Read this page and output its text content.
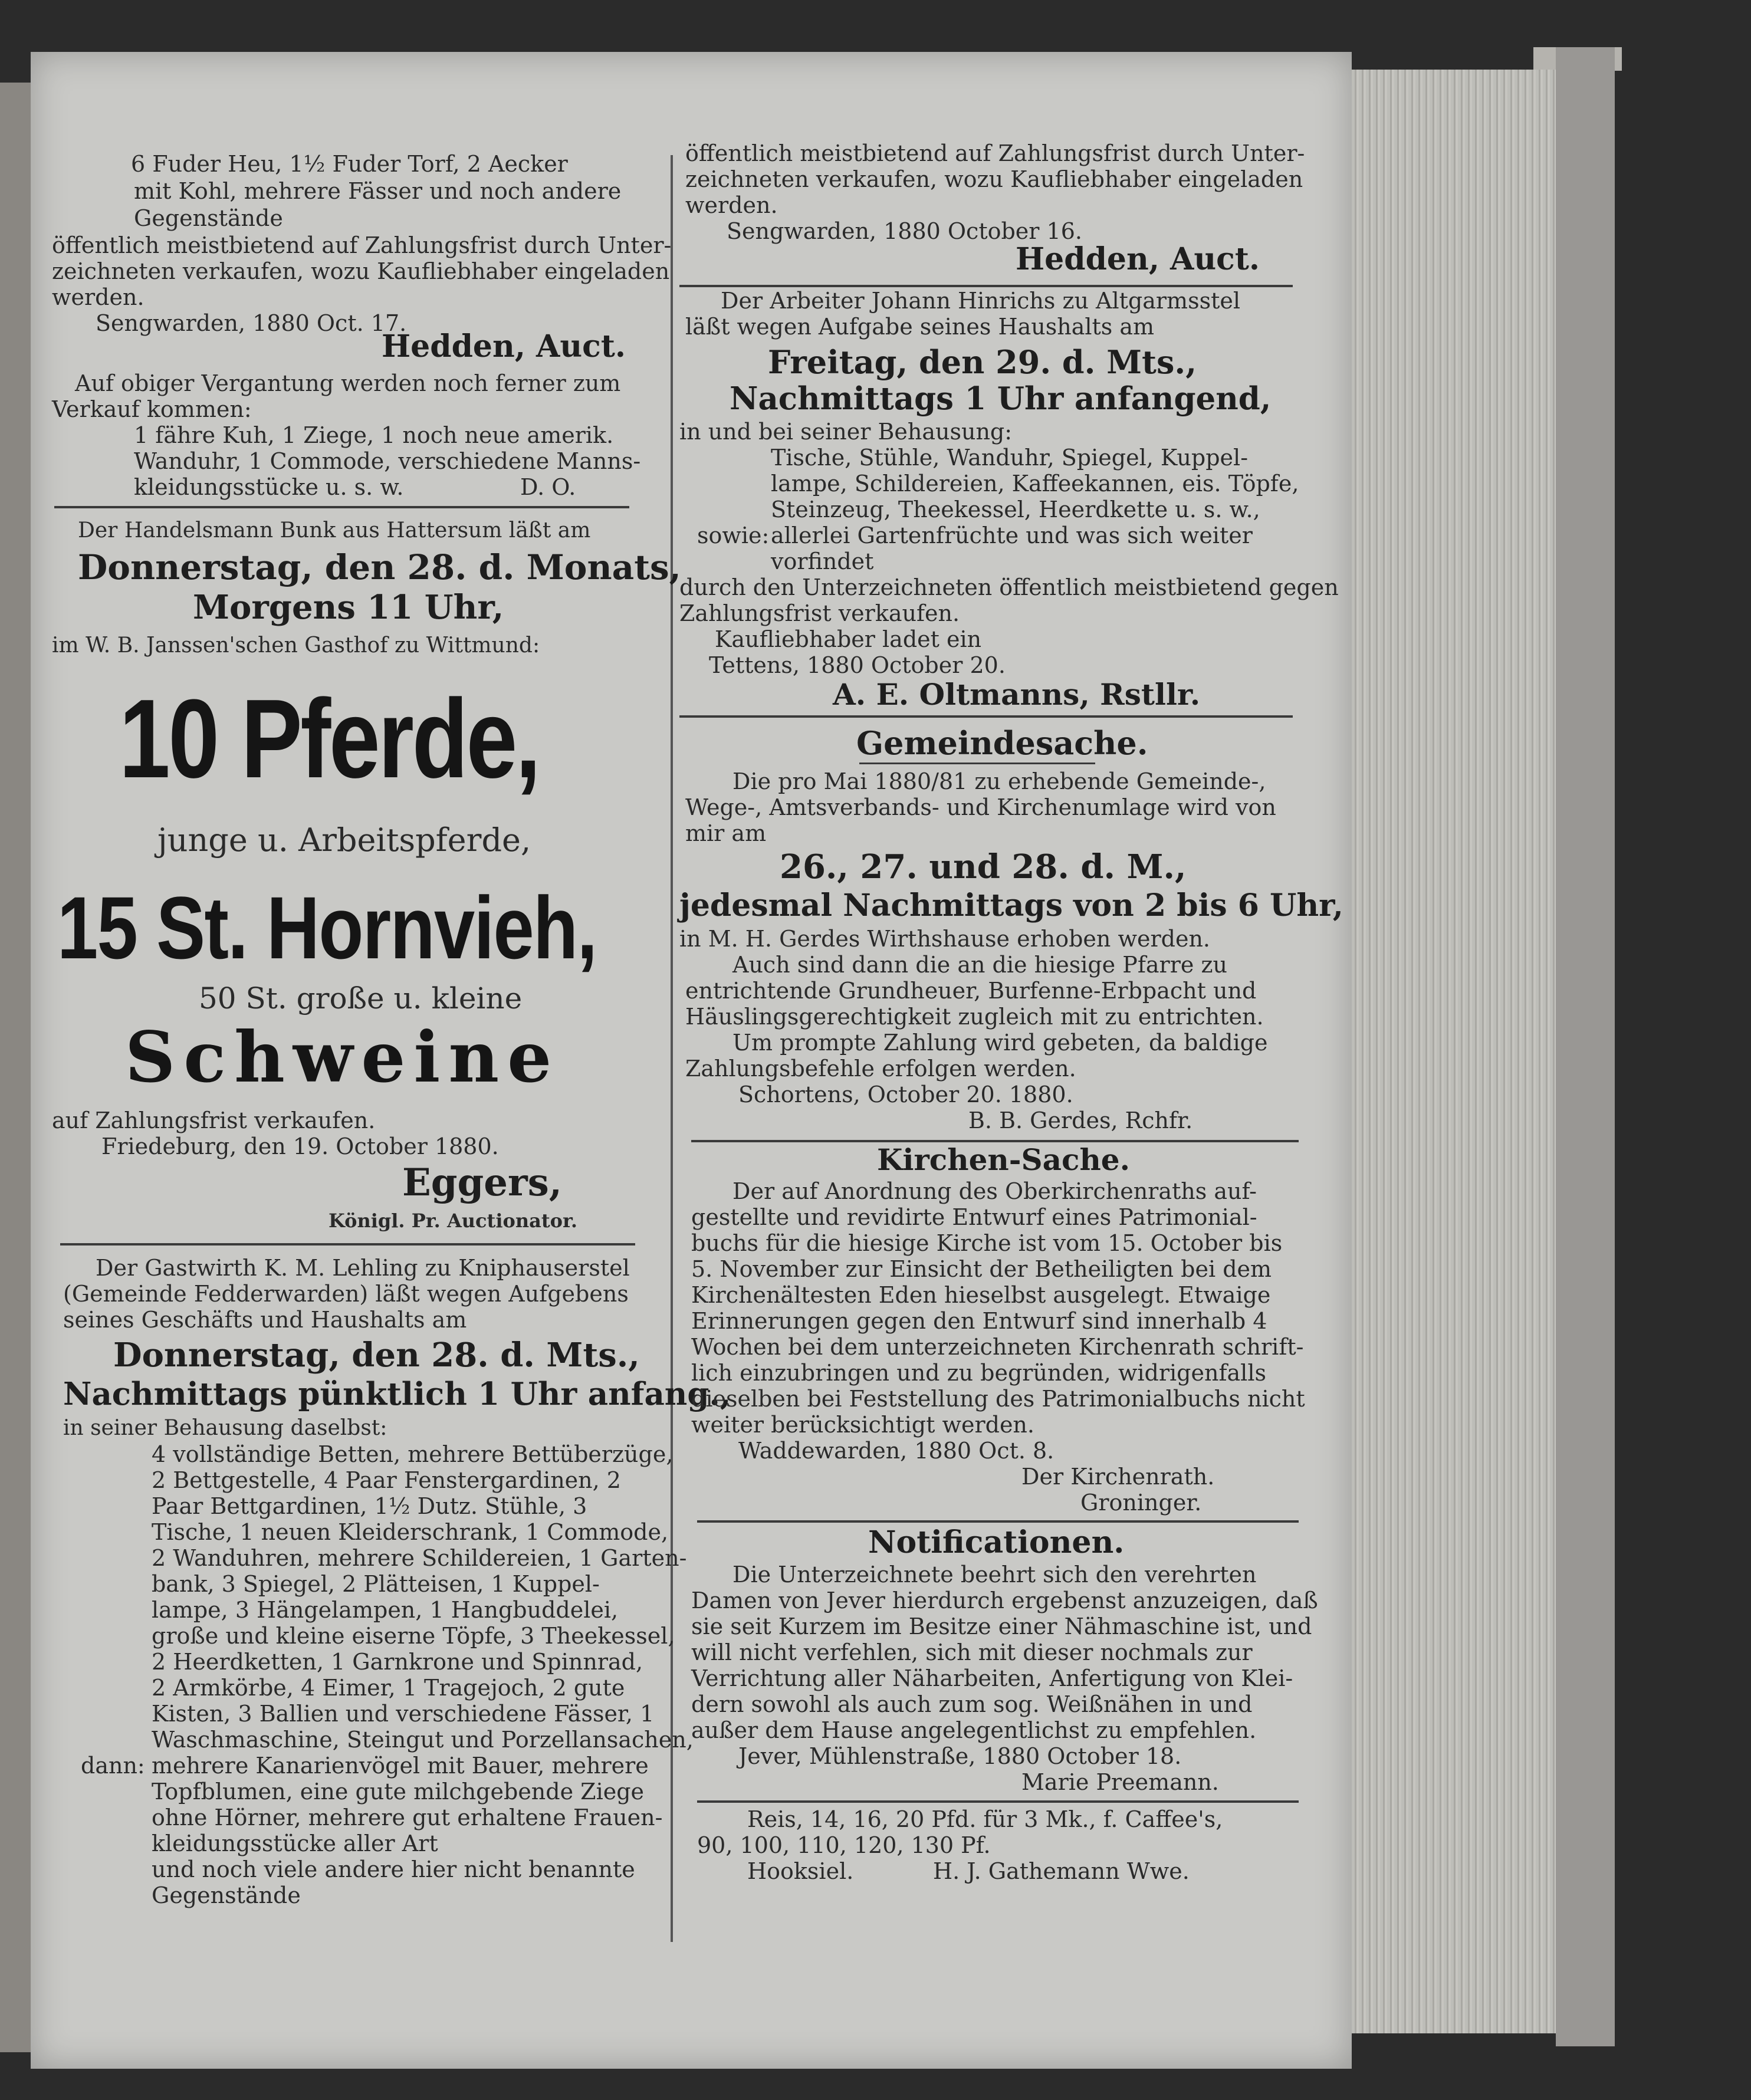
6 Fuder Heu, 1½ Fuder Torf, 2 Aecker
mit Kohl, mehrere Fässer und noch andere
Gegenstände
öffentlich meistbietend auf Zahlungsfrist durch Unter-
zeichneten verkaufen, wozu Kaufliebhaber eingeladen
werden.
Sengwarden, 1880 Oct. 17.
Hedden, Auct.
Auf obiger Vergantung werden noch ferner zum
Verkauf kommen:
1 fähre Kuh, 1 Ziege, 1 noch neue amerik.
Wanduhr, 1 Commode, verschiedene Manns-
kleidungsstücke u. s. w.	D. O.
Der Handelsmann Bunk aus Hattersum läßt am
Donnerstag, den 28. d. Monats,
Morgens 11 Uhr,
im W. B. Janssen'schen Gasthof zu Wittmund:
10 Pferde,
junge u. Arbeitspferde,
15 St. Hornvieh,
50 St. große u. kleine
Schweine
auf Zahlungsfrist verkaufen.
Friedeburg, den 19. October 1880.
Eggers,
Königl. Pr. Auctionator.
Der Gastwirth K. M. Lehling zu Kniphauserstel
(Gemeinde Fedderwarden) läßt wegen Aufgebens
seines Geschäfts und Haushalts am
Donnerstag, den 28. d. Mts.,
Nachmittags pünktlich 1 Uhr anfang.,
in seiner Behausung daselbst:
4 vollständige Betten, mehrere Bettüberzüge,
2 Bettgestelle, 4 Paar Fenstergardinen, 2
Paar Bettgardinen, 1½ Dutz. Stühle, 3
Tische, 1 neuen Kleiderschrank, 1 Commode,
2 Wanduhren, mehrere Schildereien, 1 Garten-
bank, 3 Spiegel, 2 Plätteisen, 1 Kuppel-
lampe, 3 Hängelampen, 1 Hangbuddelei,
große und kleine eiserne Töpfe, 3 Theekessel,
2 Heerdketten, 1 Garnkrone und Spinnrad,
2 Armkörbe, 4 Eimer, 1 Tragejoch, 2 gute
Kisten, 3 Ballien und verschiedene Fässer, 1
Waschmaschine, Steingut und Porzellansachen,
dann: mehrere Kanarienvögel mit Bauer, mehrere
Topfblumen, eine gute milchgebende Ziege
ohne Hörner, mehrere gut erhaltene Frauen-
kleidungsstücke aller Art
und noch viele andere hier nicht benannte
Gegenstände
öffentlich meistbietend auf Zahlungsfrist durch Unter-
zeichneten verkaufen, wozu Kaufliebhaber eingeladen
werden.
Sengwarden, 1880 October 16.
Hedden, Auct.
Der Arbeiter Johann Hinrichs zu Altgarmsstel
läßt wegen Aufgabe seines Haushalts am
Freitag, den 29. d. Mts.,
Nachmittags 1 Uhr anfangend,
in und bei seiner Behausung:
Tische, Stühle, Wanduhr, Spiegel, Kuppel-
lampe, Schildereien, Kaffeekannen, eis. Töpfe,
Steinzeug, Theekessel, Heerdkette u. s. w.,
sowie: allerlei Gartenfrüchte und was sich weiter
vorfindet
durch den Unterzeichneten öffentlich meistbietend gegen
Zahlungsfrist verkaufen.
Kaufliebhaber ladet ein
Tettens, 1880 October 20.
A. E. Oltmanns, Rstllr.
Gemeindesache.
Die pro Mai 1880/81 zu erhebende Gemeinde-,
Wege-, Amtsverbands- und Kirchenumlage wird von
mir am
26., 27. und 28. d. M.,
jedesmal Nachmittags von 2 bis 6 Uhr,
in M. H. Gerdes Wirthshause erhoben werden.
Auch sind dann die an die hiesige Pfarre zu
entrichtende Grundheuer, Burfenne-Erbpacht und
Häuslingsgerechtigkeit zugleich mit zu entrichten.
Um prompte Zahlung wird gebeten, da baldige
Zahlungsbefehle erfolgen werden.
Schortens, October 20. 1880.
B. B. Gerdes, Rchfr.
Kirchen-Sache.
Der auf Anordnung des Oberkirchenraths auf-
gestellte und revidirte Entwurf eines Patrimonial-
buchs für die hiesige Kirche ist vom 15. October bis
5. November zur Einsicht der Betheiligten bei dem
Kirchenältesten Eden hieselbst ausgelegt. Etwaige
Erinnerungen gegen den Entwurf sind innerhalb 4
Wochen bei dem unterzeichneten Kirchenrath schrift-
lich einzubringen und zu begründen, widrigenfalls
dieselben bei Feststellung des Patrimonialbuchs nicht
weiter berücksichtigt werden.
Waddewarden, 1880 Oct. 8.
Der Kirchenrath.
Groninger.
Notificationen.
Die Unterzeichnete beehrt sich den verehrten
Damen von Jever hierdurch ergebenst anzuzeigen, daß
sie seit Kurzem im Besitze einer Nähmaschine ist, und
will nicht verfehlen, sich mit dieser nochmals zur
Verrichtung aller Näharbeiten, Anfertigung von Klei-
dern sowohl als auch zum sog. Weißnähen in und
außer dem Hause angelegentlichst zu empfehlen.
Jever, Mühlenstraße, 1880 October 18.
Marie Preemann.
Reis, 14, 16, 20 Pfd. für 3 Mk., f. Caffee's,
90, 100, 110, 120, 130 Pf.
Hooksiel.	H. J. Gathemann Wwe.
